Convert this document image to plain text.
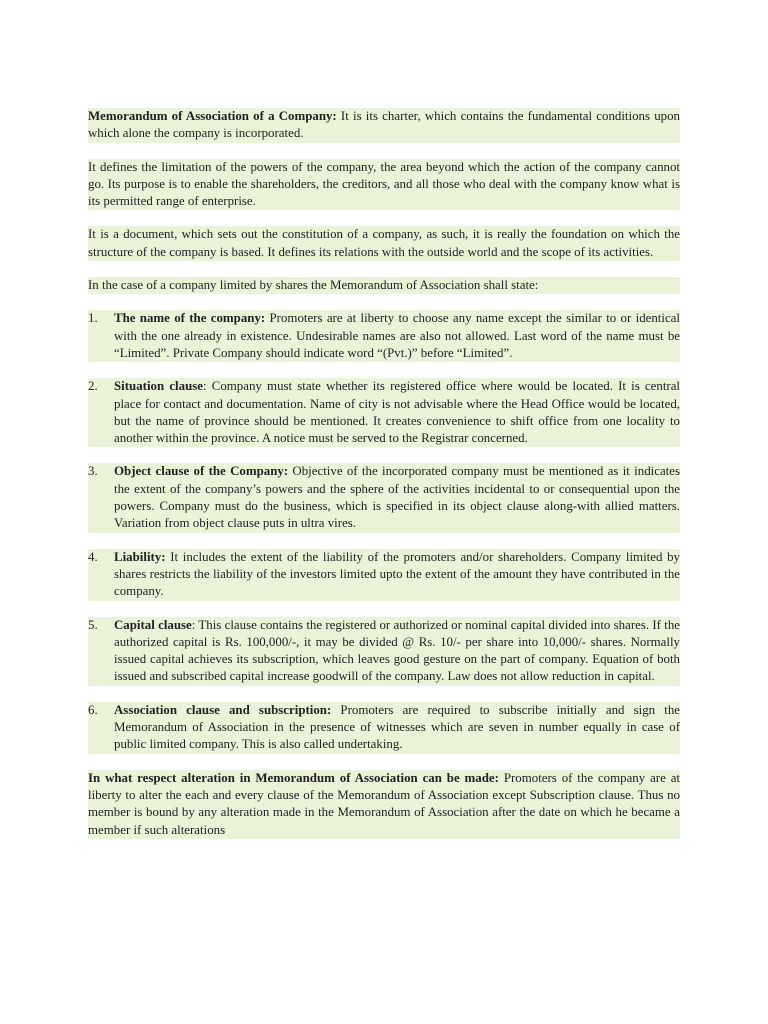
Memorandum of Association of a Company: It is its charter, which contains the fundamental conditions upon which alone the company is incorporated.

It defines the limitation of the powers of the company, the area beyond which the action of the company cannot go. Its purpose is to enable the shareholders, the creditors, and all those who deal with the company know what is its permitted range of enterprise.

It is a document, which sets out the constitution of a company, as such, it is really the foundation on which the structure of the company is based. It defines its relations with the outside world and the scope of its activities.

In the case of a company limited by shares the Memorandum of Association shall state:

1.	The name of the company: Promoters are at liberty to choose any name except the similar to or identical with the one already in existence. Undesirable names are also not allowed. Last word of the name must be “Limited”. Private Company should indicate word “(Pvt.)” before “Limited”.
2.	Situation clause: Company must state whether its registered office where would be located. It is central place for contact and documentation. Name of city is not advisable where the Head Office would be located, but the name of province should be mentioned. It creates convenience to shift office from one locality to another within the province. A notice must be served to the Registrar concerned.
3.	Object clause of the Company: Objective of the incorporated company must be mentioned as it indicates the extent of the company’s powers and the sphere of the activities incidental to or consequential upon the powers. Company must do the business, which is specified in its object clause along-with allied matters. Variation from object clause puts in ultra vires.
4.	Liability: It includes the extent of the liability of the promoters and/or shareholders. Company limited by shares restricts the liability of the investors limited upto the extent of the amount they have contributed in the company.
5.	Capital clause: This clause contains the registered or authorized or nominal capital divided into shares. If the authorized capital is Rs. 100,000/-, it may be divided @ Rs. 10/- per share into 10,000/- shares. Normally issued capital achieves its subscription, which leaves good gesture on the part of company. Equation of both issued and subscribed capital increase goodwill of the company. Law does not allow reduction in capital.
6.	Association clause and subscription: Promoters are required to subscribe initially and sign the Memorandum of Association in the presence of witnesses which are seven in number equally in case of public limited company. This is also called undertaking.

In what respect alteration in Memorandum of Association can be made: Promoters of the company are at liberty to alter the each and every clause of the Memorandum of Association except Subscription clause. Thus no member is bound by any alteration made in the Memorandum of Association after the date on which he became a member if such alterations
